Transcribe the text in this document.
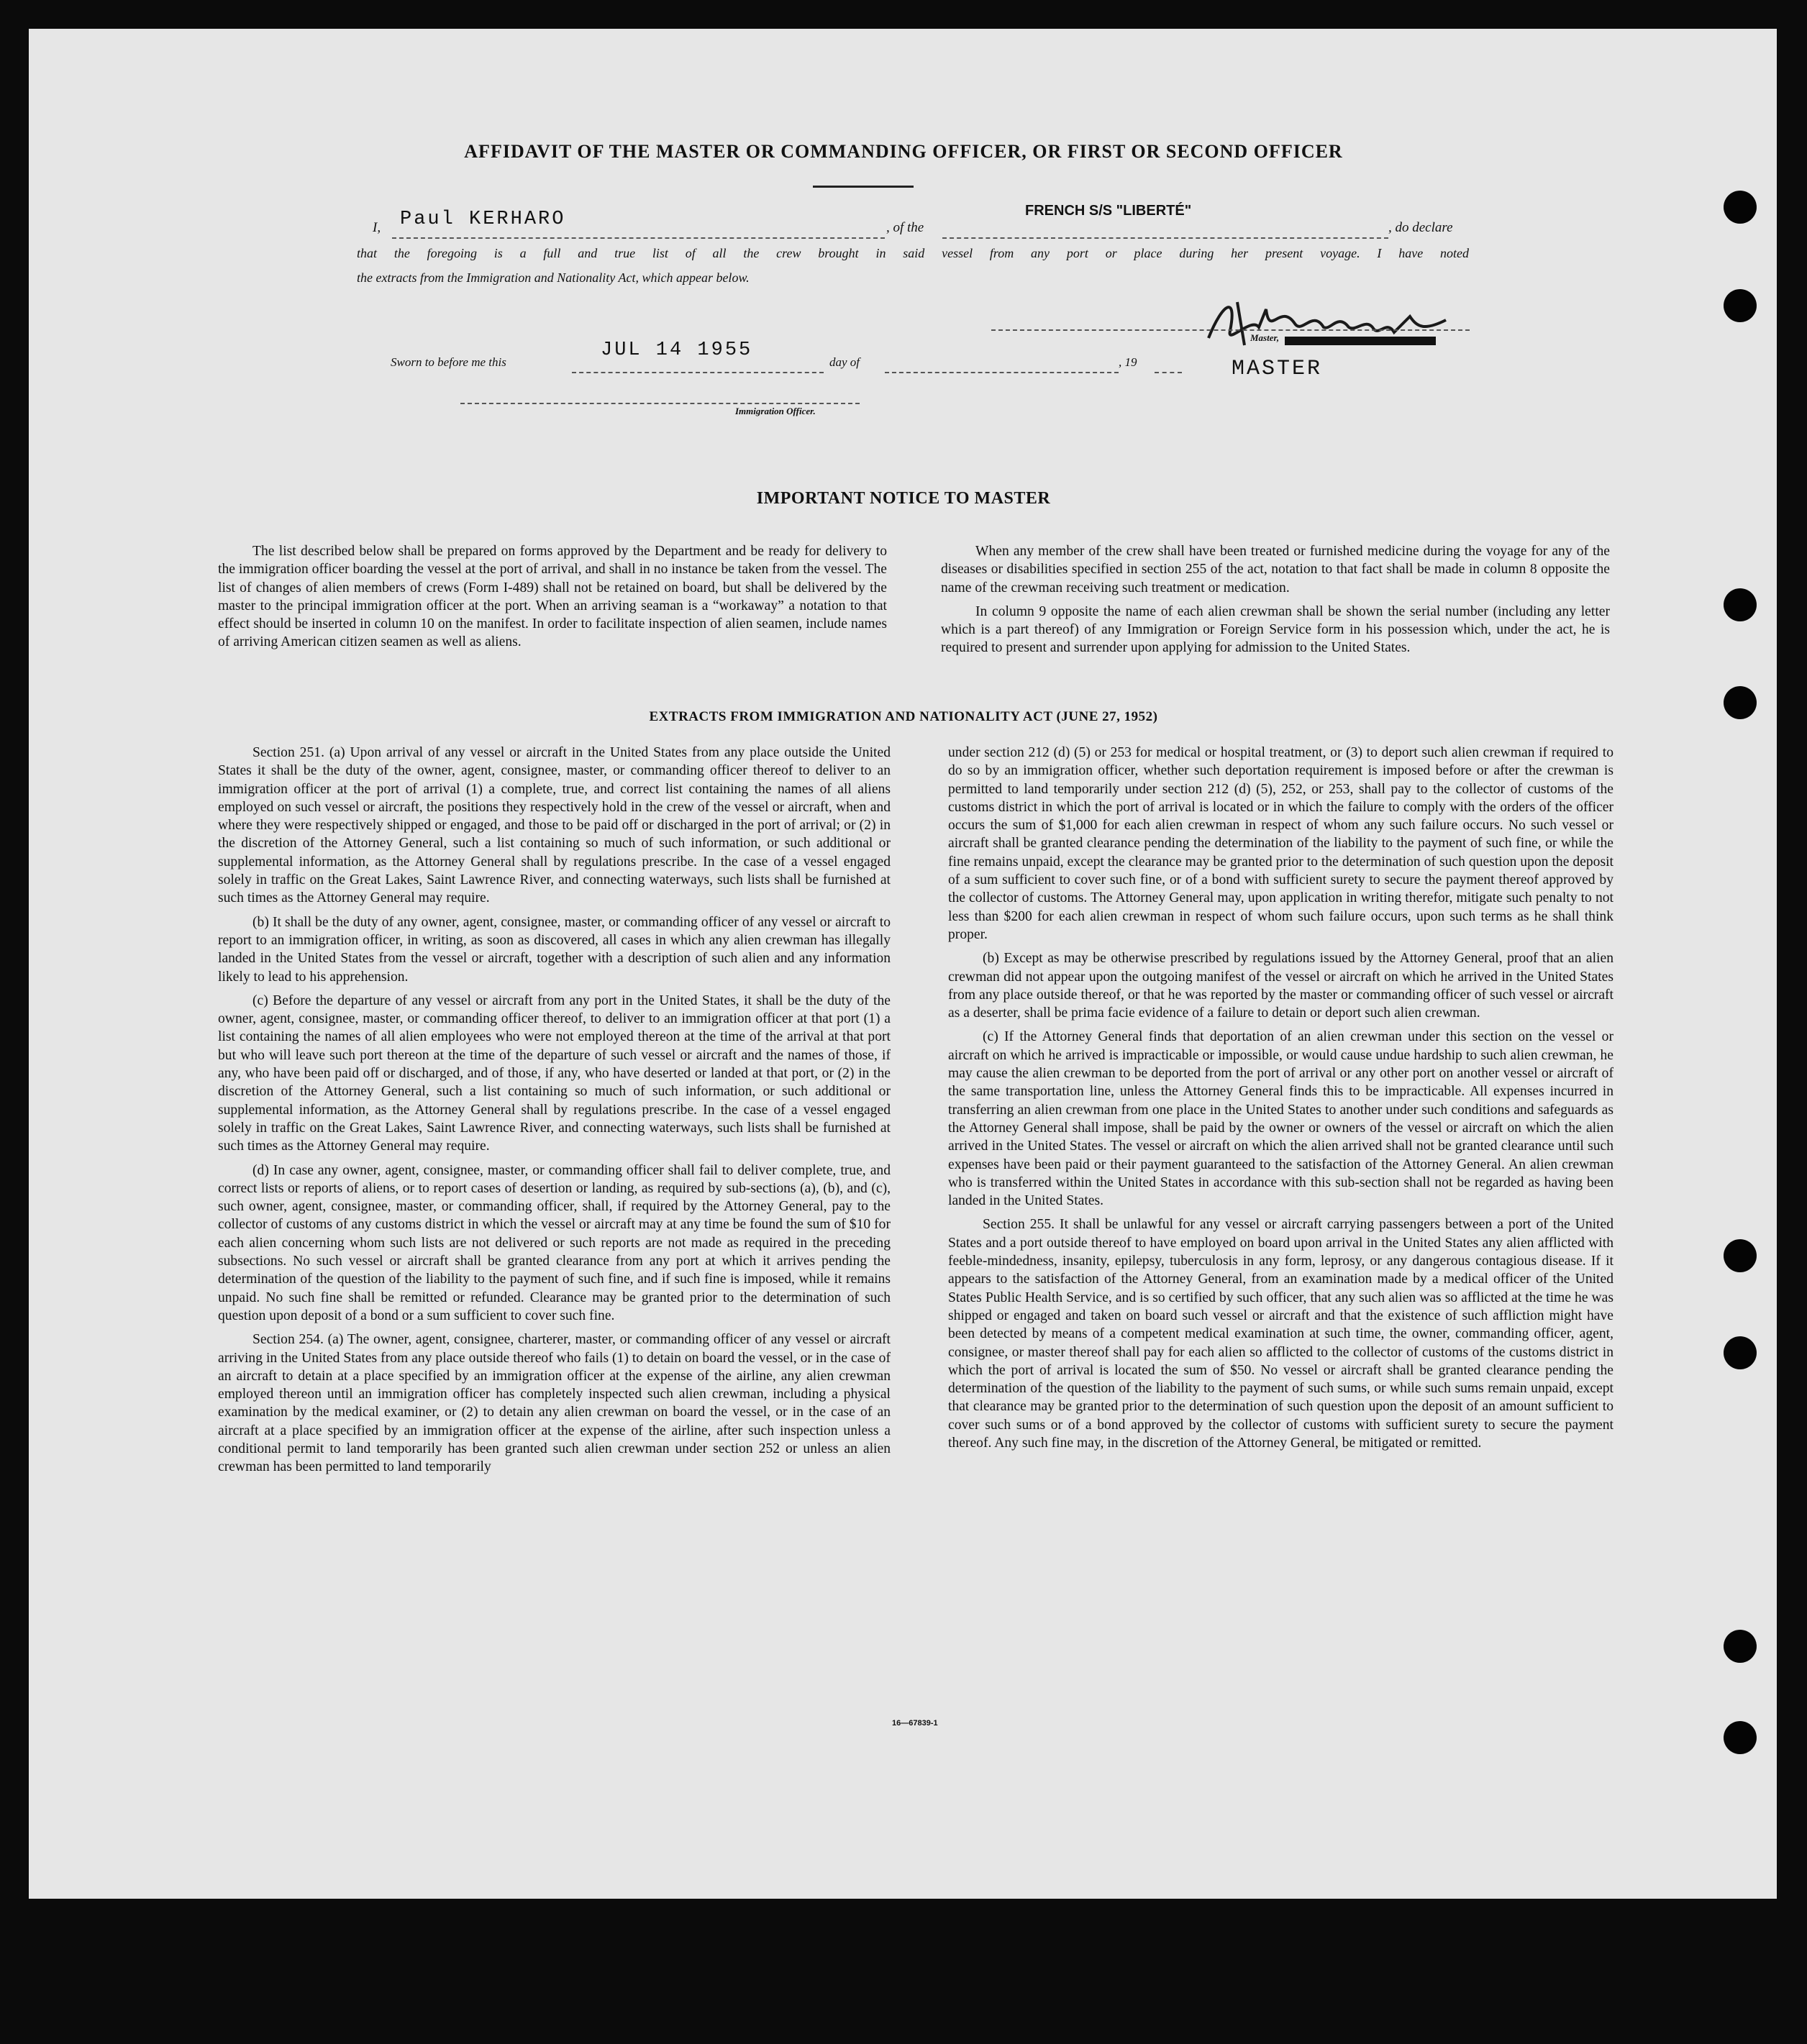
AFFIDAVIT OF THE MASTER OR COMMANDING OFFICER, OR FIRST OR SECOND OFFICER
I, Paul KERHARO	, of the
FRENCH S/S "LIBERTÉ"
, do declare
that the foregoing is a full and true list of all the crew brought in said vessel from any port or place during her present voyage. I have noted
the extracts from the Immigration and Nationality Act, which appear below.
Master,
MASTER
Sworn to before me this
JUL 14 1955
day of	, 19
Immigration Officer.
IMPORTANT NOTICE TO MASTER

The list described below shall be prepared on forms approved by the Department and be ready for delivery to the immigration officer boarding the vessel at the port of arrival, and shall in no instance be taken from the vessel. The list of changes of alien members of crews (Form I-489) shall not be retained on board, but shall be delivered by the master to the principal immigration officer at the port. When an arriving seaman is a “workaway” a notation to that effect should be inserted in column 10 on the manifest. In order to facilitate inspection of alien seamen, include names of arriving American citizen seamen as well as aliens.

When any member of the crew shall have been treated or furnished medicine during the voyage for any of the diseases or disabilities specified in section 255 of the act, notation to that fact shall be made in column 8 opposite the name of the crewman receiving such treatment or medication.

In column 9 opposite the name of each alien crewman shall be shown the serial number (including any letter which is a part thereof) of any Immigration or Foreign Service form in his possession which, under the act, he is required to present and surrender upon applying for admission to the United States.

EXTRACTS FROM IMMIGRATION AND NATIONALITY ACT (JUNE 27, 1952)

Section 251. (a) Upon arrival of any vessel or aircraft in the United States from any place outside the United States it shall be the duty of the owner, agent, consignee, master, or commanding officer thereof to deliver to an immigration officer at the port of arrival (1) a complete, true, and correct list containing the names of all aliens employed on such vessel or aircraft, the positions they respectively hold in the crew of the vessel or aircraft, when and where they were respectively shipped or engaged, and those to be paid off or discharged in the port of arrival; or (2) in the discretion of the Attorney General, such a list containing so much of such information, or such additional or supplemental information, as the Attorney General shall by regulations prescribe. In the case of a vessel engaged solely in traffic on the Great Lakes, Saint Lawrence River, and connecting waterways, such lists shall be furnished at such times as the Attorney General may require.

(b) It shall be the duty of any owner, agent, consignee, master, or commanding officer of any vessel or aircraft to report to an immigration officer, in writing, as soon as discovered, all cases in which any alien crewman has illegally landed in the United States from the vessel or aircraft, together with a description of such alien and any information likely to lead to his apprehension.

(c) Before the departure of any vessel or aircraft from any port in the United States, it shall be the duty of the owner, agent, consignee, master, or commanding officer thereof, to deliver to an immigration officer at that port (1) a list containing the names of all alien employees who were not employed thereon at the time of the arrival at that port but who will leave such port thereon at the time of the departure of such vessel or aircraft and the names of those, if any, who have been paid off or discharged, and of those, if any, who have deserted or landed at that port, or (2) in the discretion of the Attorney General, such a list containing so much of such information, or such additional or supplemental information, as the Attorney General shall by regulations prescribe. In the case of a vessel engaged solely in traffic on the Great Lakes, Saint Lawrence River, and connecting waterways, such lists shall be furnished at such times as the Attorney General may require.

(d) In case any owner, agent, consignee, master, or commanding officer shall fail to deliver complete, true, and correct lists or reports of aliens, or to report cases of desertion or landing, as required by sub-sections (a), (b), and (c), such owner, agent, consignee, master, or commanding officer, shall, if required by the Attorney General, pay to the collector of customs of any customs district in which the vessel or aircraft may at any time be found the sum of $10 for each alien concerning whom such lists are not delivered or such reports are not made as required in the preceding subsections. No such vessel or aircraft shall be granted clearance from any port at which it arrives pending the determination of the question of the liability to the payment of such fine, and if such fine is imposed, while it remains unpaid. No such fine shall be remitted or refunded. Clearance may be granted prior to the determination of such question upon deposit of a bond or a sum sufficient to cover such fine.

Section 254. (a) The owner, agent, consignee, charterer, master, or commanding officer of any vessel or aircraft arriving in the United States from any place outside thereof who fails (1) to detain on board the vessel, or in the case of an aircraft to detain at a place specified by an immigration officer at the expense of the airline, any alien crewman employed thereon until an immigration officer has completely inspected such alien crewman, including a physical examination by the medical examiner, or (2) to detain any alien crewman on board the vessel, or in the case of an aircraft at a place specified by an immigration officer at the expense of the airline, after such inspection unless a conditional permit to land temporarily has been granted such alien crewman under section 252 or unless an alien crewman has been permitted to land temporarily

under section 212 (d) (5) or 253 for medical or hospital treatment, or (3) to deport such alien crewman if required to do so by an immigration officer, whether such deportation requirement is imposed before or after the crewman is permitted to land temporarily under section 212 (d) (5), 252, or 253, shall pay to the collector of customs of the customs district in which the port of arrival is located or in which the failure to comply with the orders of the officer occurs the sum of $1,000 for each alien crewman in respect of whom any such failure occurs. No such vessel or aircraft shall be granted clearance pending the determination of the liability to the payment of such fine, or while the fine remains unpaid, except the clearance may be granted prior to the determination of such question upon the deposit of a sum sufficient to cover such fine, or of a bond with sufficient surety to secure the payment thereof approved by the collector of customs. The Attorney General may, upon application in writing therefor, mitigate such penalty to not less than $200 for each alien crewman in respect of whom such failure occurs, upon such terms as he shall think proper.

(b) Except as may be otherwise prescribed by regulations issued by the Attorney General, proof that an alien crewman did not appear upon the outgoing manifest of the vessel or aircraft on which he arrived in the United States from any place outside thereof, or that he was reported by the master or commanding officer of such vessel or aircraft as a deserter, shall be prima facie evidence of a failure to detain or deport such alien crewman.

(c) If the Attorney General finds that deportation of an alien crewman under this section on the vessel or aircraft on which he arrived is impracticable or impossible, or would cause undue hardship to such alien crewman, he may cause the alien crewman to be deported from the port of arrival or any other port on another vessel or aircraft of the same transportation line, unless the Attorney General finds this to be impracticable. All expenses incurred in transferring an alien crewman from one place in the United States to another under such conditions and safeguards as the Attorney General shall impose, shall be paid by the owner or owners of the vessel or aircraft on which the alien arrived in the United States. The vessel or aircraft on which the alien arrived shall not be granted clearance until such expenses have been paid or their payment guaranteed to the satisfaction of the Attorney General. An alien crewman who is transferred within the United States in accordance with this sub-section shall not be regarded as having been landed in the United States.

Section 255. It shall be unlawful for any vessel or aircraft carrying passengers between a port of the United States and a port outside thereof to have employed on board upon arrival in the United States any alien afflicted with feeble-mindedness, insanity, epilepsy, tuberculosis in any form, leprosy, or any dangerous contagious disease. If it appears to the satisfaction of the Attorney General, from an examination made by a medical officer of the United States Public Health Service, and is so certified by such officer, that any such alien was so afflicted at the time he was shipped or engaged and taken on board such vessel or aircraft and that the existence of such affliction might have been detected by means of a competent medical examination at such time, the owner, commanding officer, agent, consignee, or master thereof shall pay for each alien so afflicted to the collector of customs of the customs district in which the port of arrival is located the sum of $50. No vessel or aircraft shall be granted clearance pending the determination of the question of the liability to the payment of such sums, or while such sums remain unpaid, except that clearance may be granted prior to the determination of such question upon the deposit of an amount sufficient to cover such sums or of a bond approved by the collector of customs with sufficient surety to secure the payment thereof. Any such fine may, in the discretion of the Attorney General, be mitigated or remitted.

16—67839-1
